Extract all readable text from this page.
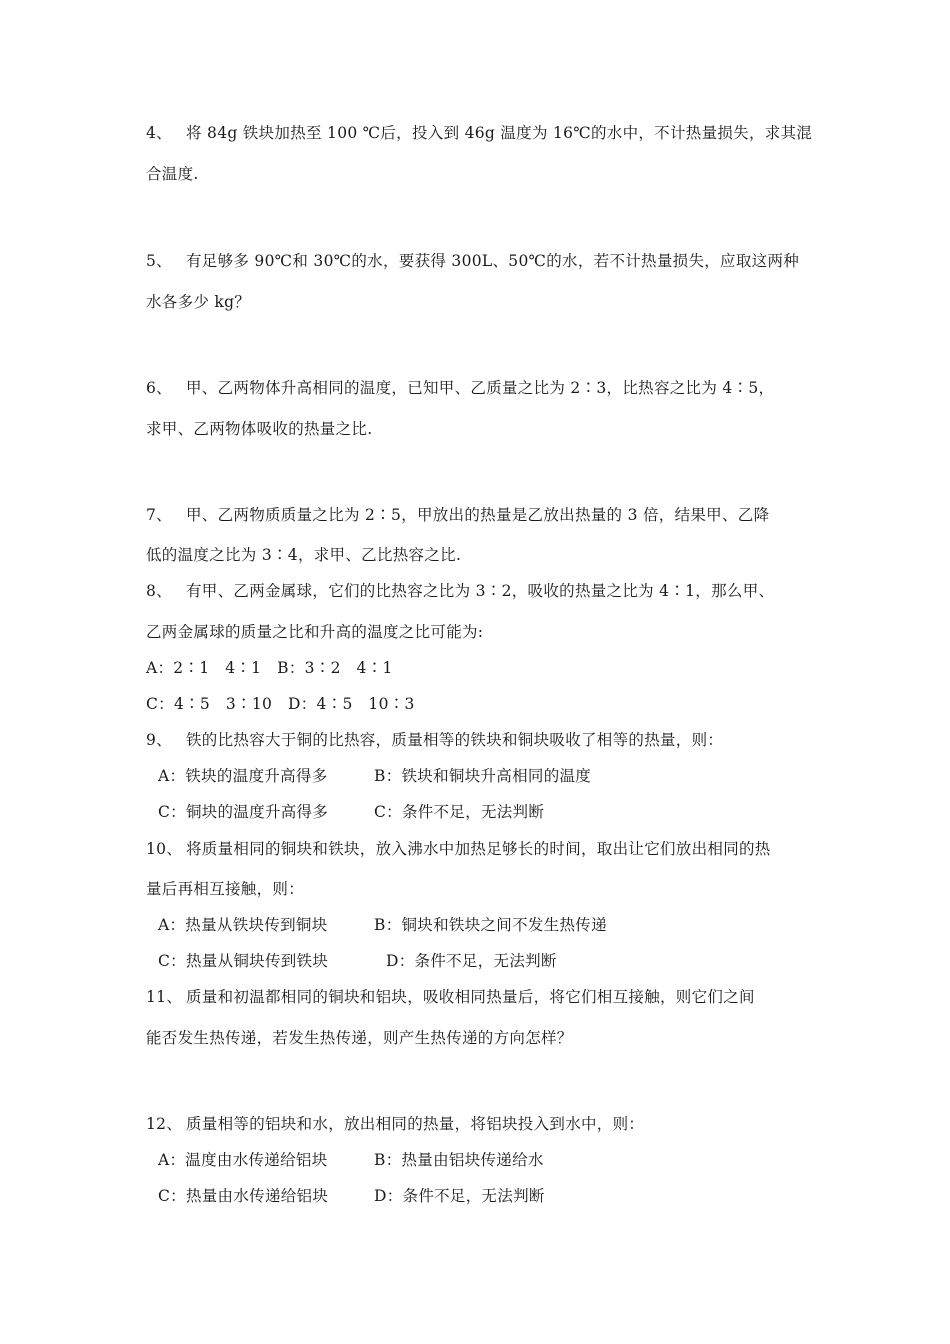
4、 将 84g 铁块加热至 100 ℃后，投入到 46g 温度为 16℃的水中，不计热量损失，求其混
合温度.
5、 有足够多 90℃和 30℃的水，要获得 300L、50℃的水，若不计热量损失，应取这两种
水各多少 kg？
6、 甲、乙两物体升高相同的温度，已知甲、乙质量之比为 2∶3，比热容之比为 4∶5，
求甲、乙两物体吸收的热量之比.
7、 甲、乙两物质质量之比为 2∶5，甲放出的热量是乙放出热量的 3 倍，结果甲、乙降
低的温度之比为 3∶4，求甲、乙比热容之比.
8、 有甲、乙两金属球，它们的比热容之比为 3∶2，吸收的热量之比为 4∶1，那么甲、
乙两金属球的质量之比和升高的温度之比可能为:
A：2∶1　4∶1　B：3∶2　4∶1
C：4∶5　3∶10　D：4∶5　10∶3
9、 铁的比热容大于铜的比热容，质量相等的铁块和铜块吸收了相等的热量，则：
A：铁块的温度升高得多	B：铁块和铜块升高相同的温度
C：铜块的温度升高得多	C：条件不足，无法判断
10、 将质量相同的铜块和铁块，放入沸水中加热足够长的时间，取出让它们放出相同的热
量后再相互接触，则：
A：热量从铁块传到铜块	B：铜块和铁块之间不发生热传递
C：热量从铜块传到铁块	D：条件不足，无法判断
11、 质量和初温都相同的铜块和铝块，吸收相同热量后，将它们相互接触，则它们之间
能否发生热传递，若发生热传递，则产生热传递的方向怎样？
12、 质量相等的铝块和水，放出相同的热量，将铝块投入到水中，则：
A：温度由水传递给铝块	B：热量由铝块传递给水
C：热量由水传递给铝块	D：条件不足，无法判断
